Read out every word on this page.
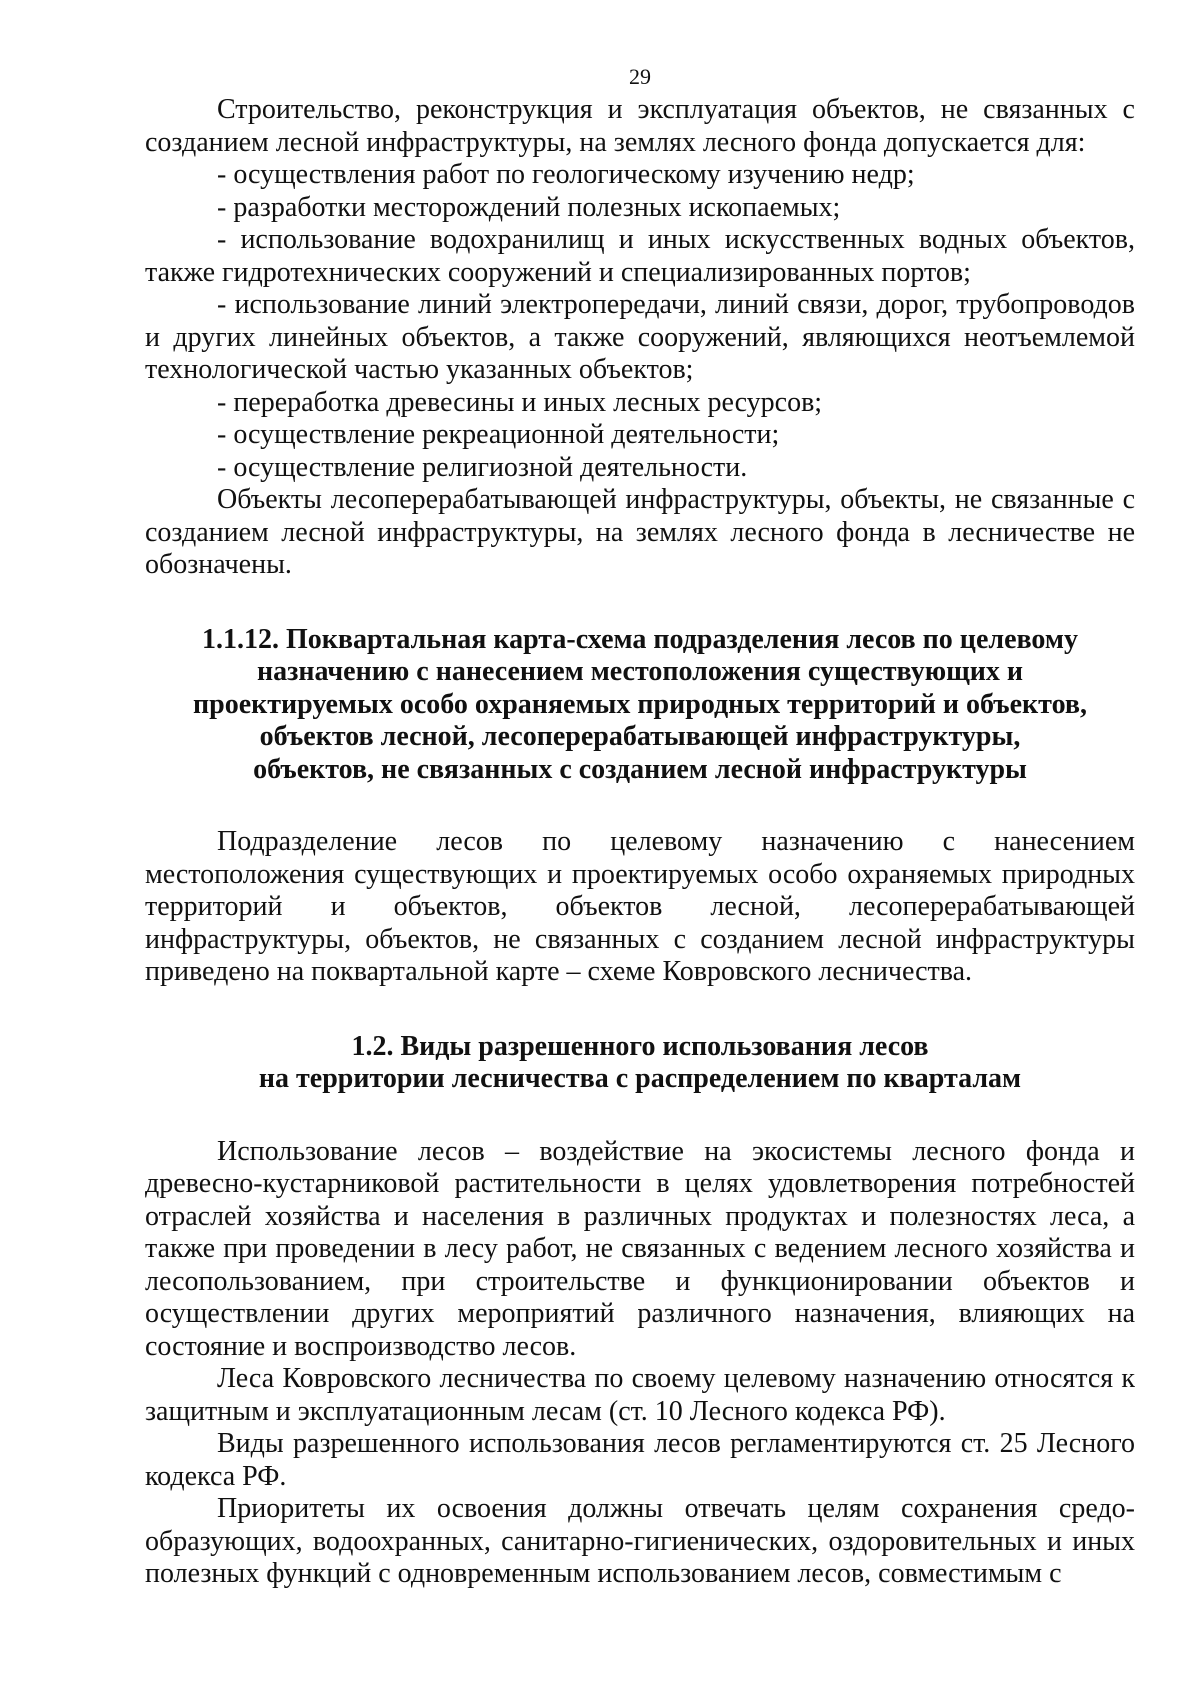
29

Строительство, реконструкция и эксплуатация объектов, не связанных с созданием лесной инфраструктуры, на землях лесного фонда допускается для:

- осуществления работ по геологическому изучению недр;

- разработки месторождений полезных ископаемых;

- использование водохранилищ и иных искусственных водных объектов, также гидротехнических сооружений и специализированных портов;

- использование линий электропередачи, линий связи, дорог, трубопроводов и других линейных объектов, а также сооружений, являющихся неотъемлемой технологической частью указанных объектов;

- переработка древесины и иных лесных ресурсов;

- осуществление рекреационной деятельности;

- осуществление религиозной деятельности.

Объекты лесоперерабатывающей инфраструктуры, объекты, не связанные с созданием лесной инфраструктуры, на землях лесного фонда в лесничестве не обозначены.

1.1.12. Поквартальная карта-схема подразделения лесов по целевому
назначению с нанесением местоположения существующих и
проектируемых особо охраняемых природных территорий и объектов,
объектов лесной, лесоперерабатывающей инфраструктуры,
объектов, не связанных с созданием лесной инфраструктуры

Подразделение лесов по целевому назначению с нанесением местоположения существующих и проектируемых особо охраняемых природных территорий и объектов, объектов лесной, лесоперерабатывающей инфраструктуры, объектов, не связанных с созданием лесной инфраструктуры приведено на поквартальной карте – схеме Ковровского лесничества.

1.2. Виды разрешенного использования лесов
на территории лесничества с распределением по кварталам

Использование лесов – воздействие на экосистемы лесного фонда и древесно-кустарниковой растительности в целях удовлетворения потребностей отраслей хозяйства и населения в различных продуктах и полезностях леса, а также при проведении в лесу работ, не связанных с ведением лесного хозяйства и лесопользованием, при строительстве и функционировании объектов и осуществлении других мероприятий различного назначения, влияющих на состояние и воспроизводство лесов.

Леса Ковровского лесничества по своему целевому назначению относятся к защитным и эксплуатационным лесам (ст. 10 Лесного кодекса РФ).

Виды разрешенного использования лесов регламентируются ст. 25 Лесного кодекса РФ.

Приоритеты их освоения должны отвечать целям сохранения средо-образующих, водоохранных, санитарно-гигиенических, оздоровительных и иных полезных функций с одновременным использованием лесов, совместимым с
